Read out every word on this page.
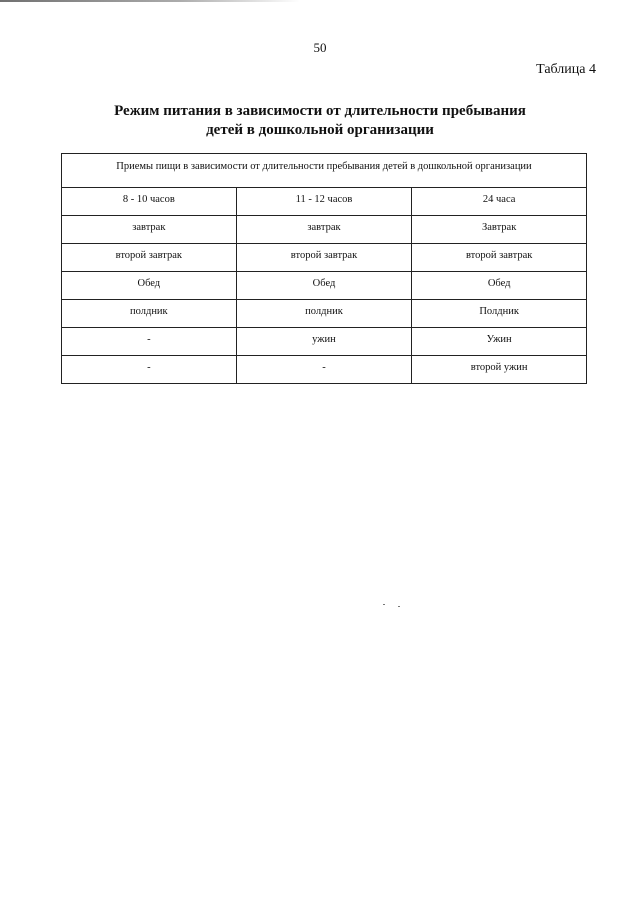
50
Таблица 4
Режим питания в зависимости от длительности пребывания
детей в дошкольной организации
Приемы пищи в зависимости от длительности пребывания детей в дошкольной организации		
8 - 10 часов	11 - 12 часов	24 часа
завтрак	завтрак	Завтрак
второй завтрак	второй завтрак	второй завтрак
Обед	Обед	Обед
полдник	полдник	Полдник
-	ужин	Ужин
-	-	второй ужин
